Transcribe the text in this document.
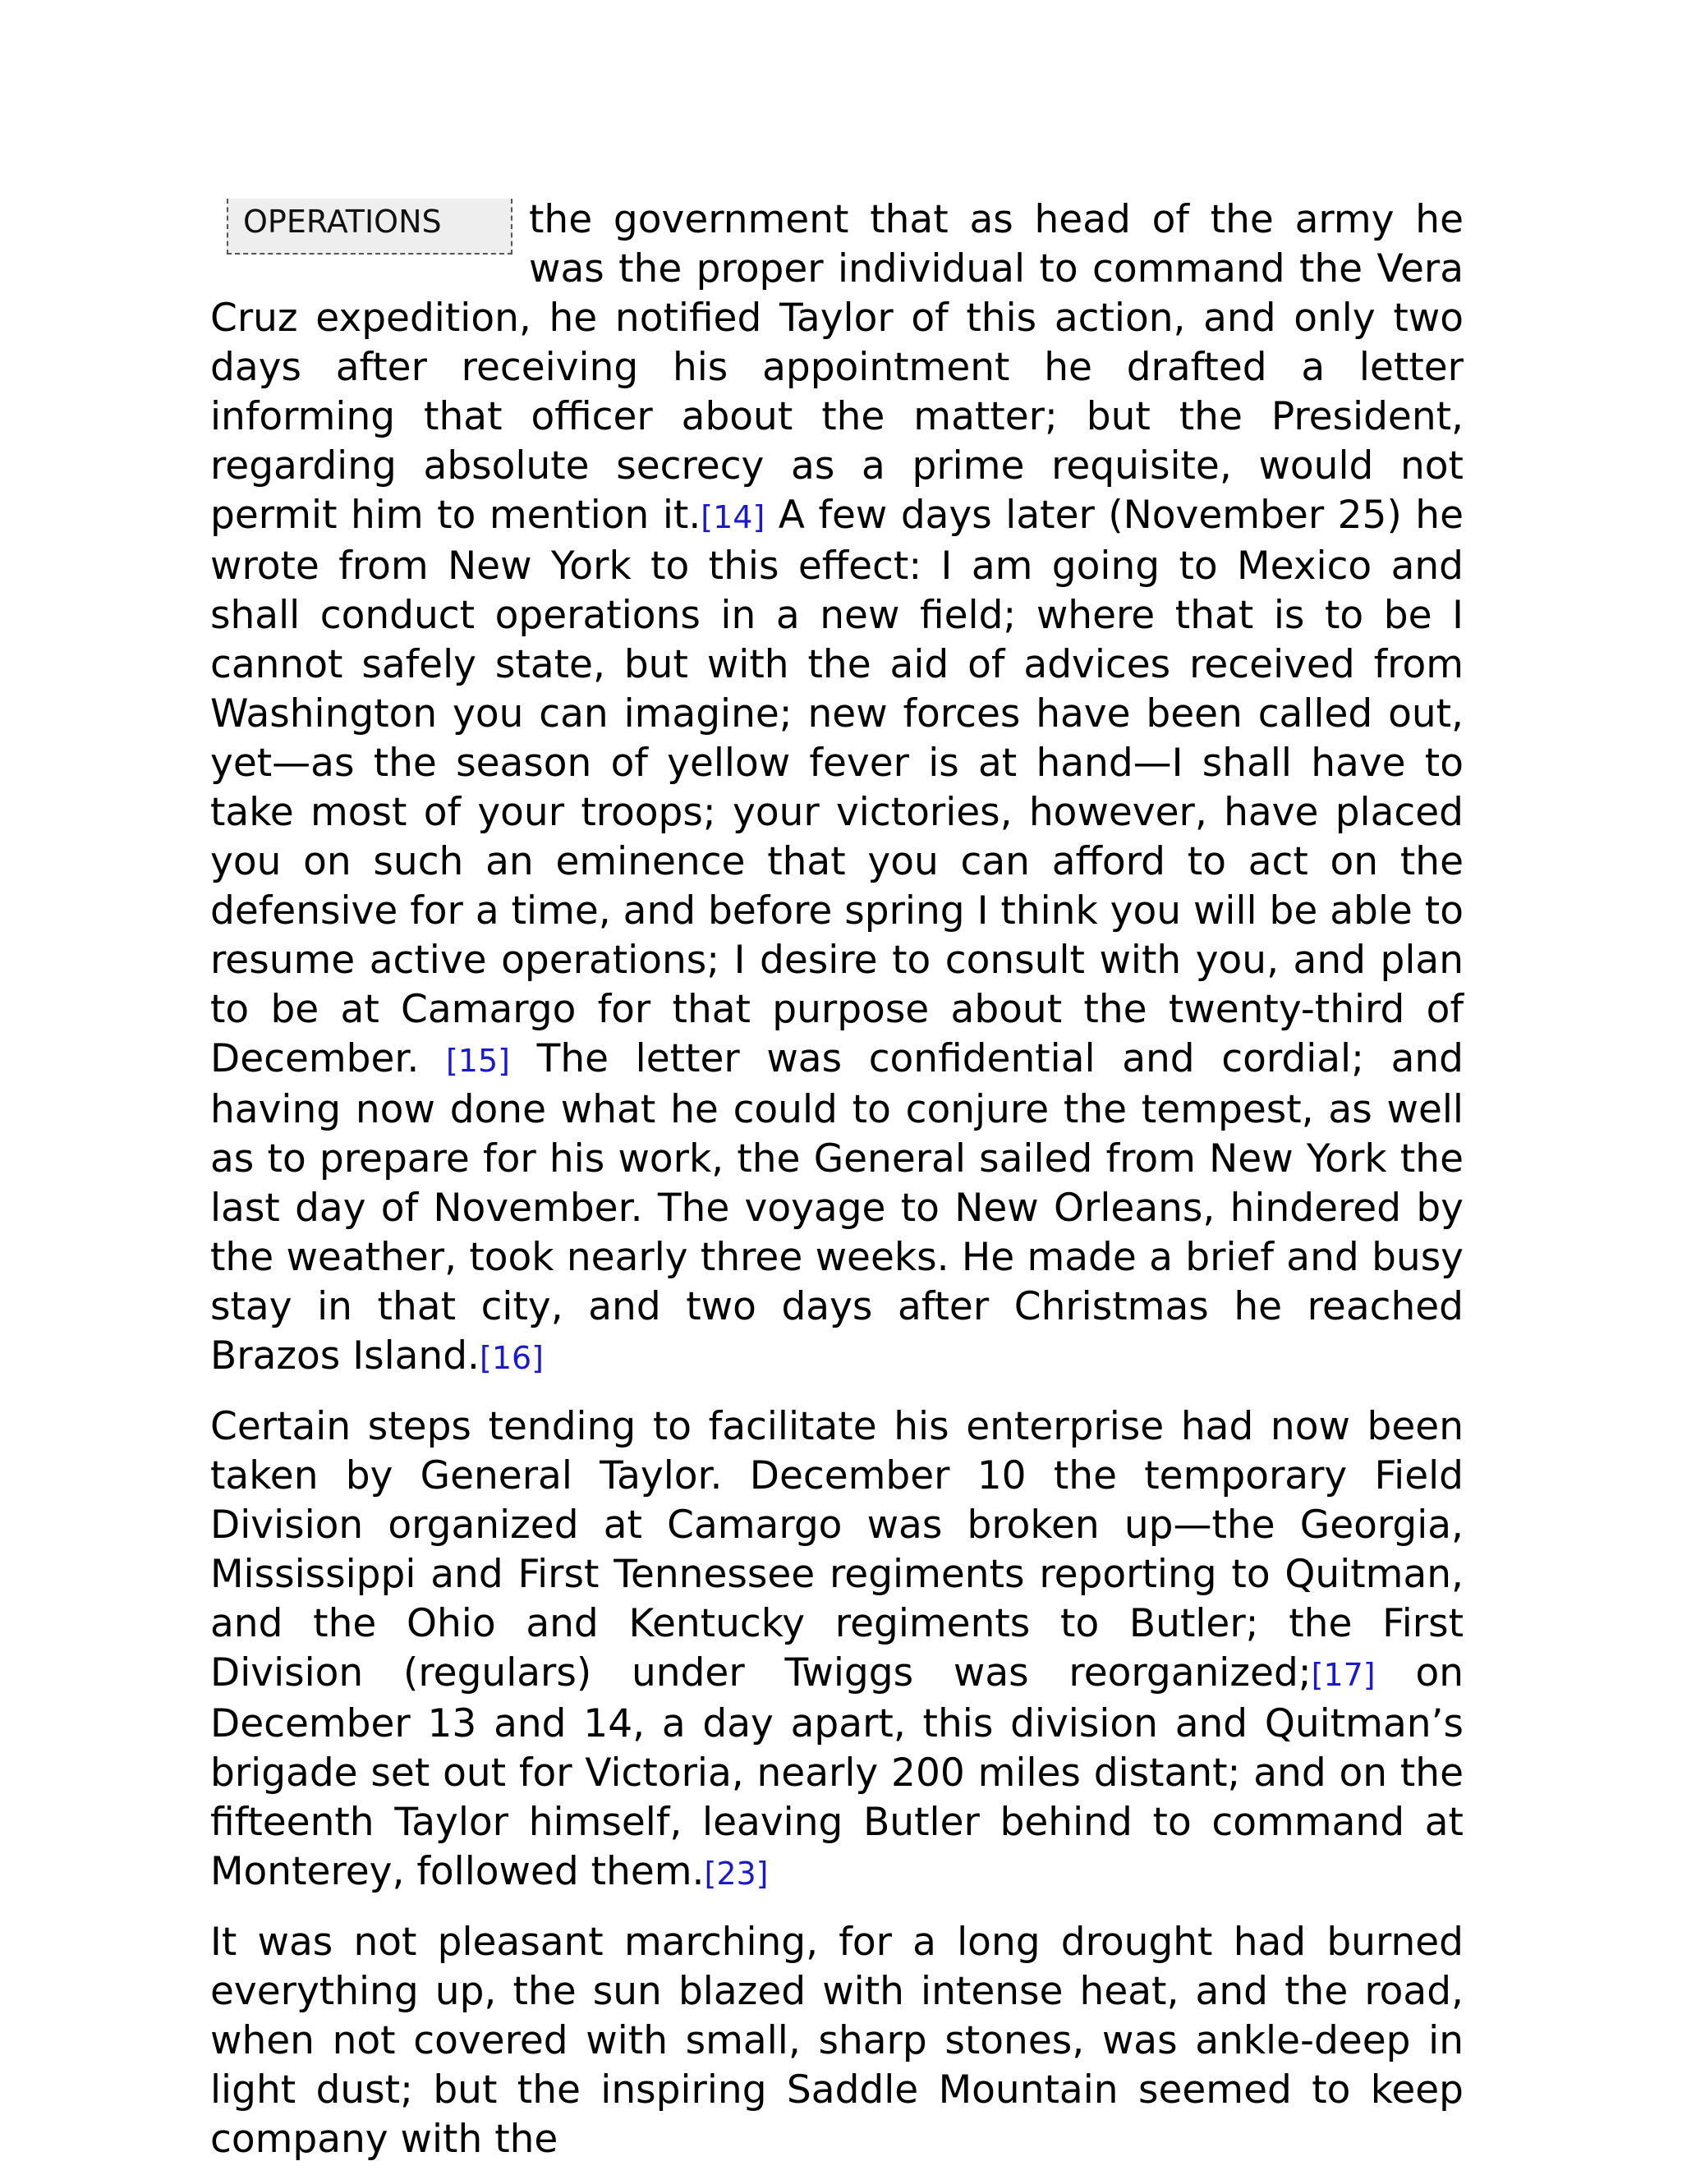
OPERATIONS	the government that as head of the army he was the proper individual to command the Vera Cruz expedition, he notified Taylor of this action, and only two days after receiving his appointment he drafted a letter informing that officer about the matter; but the President, regarding absolute secrecy as a prime requisite, would not permit him to mention it.[14] A few days later (November 25) he wrote from New York to this effect: I am going to Mexico and shall conduct operations in a new field; where that is to be I cannot safely state, but with the aid of advices received from Washington you can imagine; new forces have been called out, yet—as the season of yellow fever is at hand—I shall have to take most of your troops; your victories, however, have placed you on such an eminence that you can afford to act on the defensive for a time, and before spring I think you will be able to resume active operations; I desire to consult with you, and plan to be at Camargo for that purpose about the twenty-third of December. [15] The letter was confidential and cordial; and having now done what he could to conjure the tempest, as well as to prepare for his work, the General sailed from New York the last day of November. The voyage to New Orleans, hindered by the weather, took nearly three weeks. He made a brief and busy stay in that city, and two days after Christmas he reached Brazos Island.[16]
Certain steps tending to facilitate his enterprise had now been taken by General Taylor. December 10 the temporary Field Division organized at Camargo was broken up—the Georgia, Mississippi and First Tennessee regiments reporting to Quitman, and the Ohio and Kentucky regiments to Butler; the First Division (regulars) under Twiggs was reorganized;[17] on December 13 and 14, a day apart, this division and Quitman’s brigade set out for Victoria, nearly 200 miles distant; and on the fifteenth Taylor himself, leaving Butler behind to command at Monterey, followed them.[23]
It was not pleasant marching, for a long drought had burned everything up, the sun blazed with intense heat, and the road, when not covered with small, sharp stones, was ankle-deep in light dust; but the inspiring Saddle Mountain seemed to keep company with the
